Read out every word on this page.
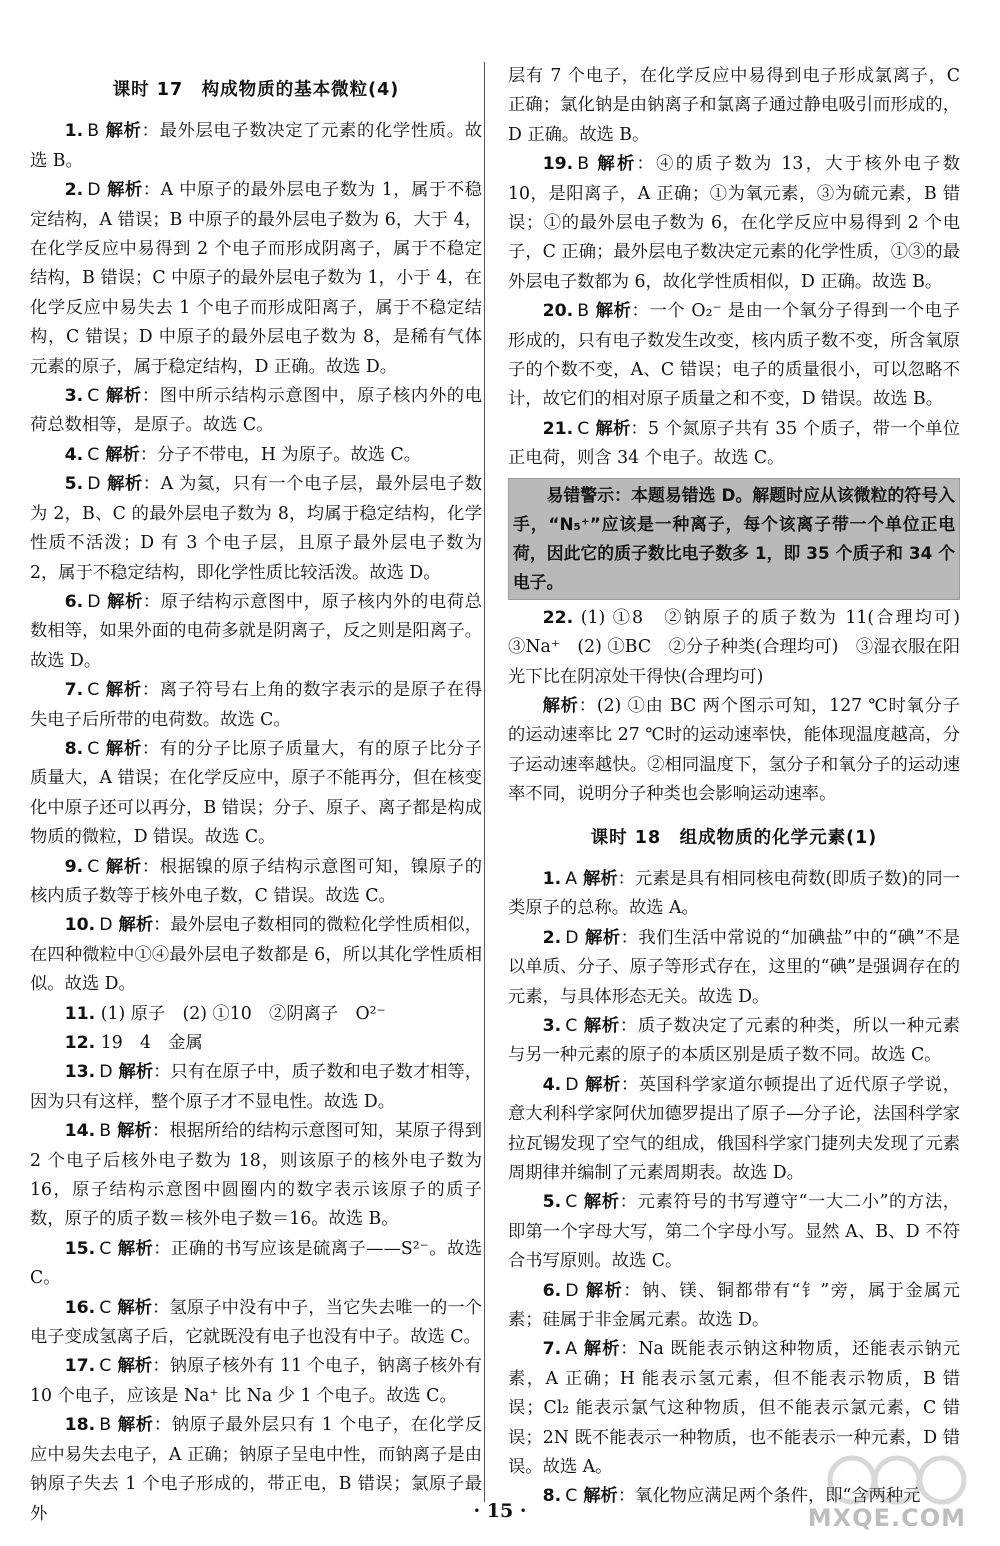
课时 17　构成物质的基本微粒(4)

1. B 解析：最外层电子数决定了元素的化学性质。故选 B。

2. D 解析：A 中原子的最外层电子数为 1，属于不稳定结构，A 错误；B 中原子的最外层电子数为 6，大于 4，在化学反应中易得到 2 个电子而形成阴离子，属于不稳定结构，B 错误；C 中原子的最外层电子数为 1，小于 4，在化学反应中易失去 1 个电子而形成阳离子，属于不稳定结构，C 错误；D 中原子的最外层电子数为 8，是稀有气体元素的原子，属于稳定结构，D 正确。故选 D。

3. C 解析：图中所示结构示意图中，原子核内外的电荷总数相等，是原子。故选 C。

4. C 解析：分子不带电，H 为原子。故选 C。

5. D 解析：A 为氦，只有一个电子层，最外层电子数为 2，B、C 的最外层电子数为 8，均属于稳定结构，化学性质不活泼；D 有 3 个电子层，且原子最外层电子数为 2，属于不稳定结构，即化学性质比较活泼。故选 D。

6. D 解析：原子结构示意图中，原子核内外的电荷总数相等，如果外面的电荷多就是阴离子，反之则是阳离子。故选 D。

7. C 解析：离子符号右上角的数字表示的是原子在得失电子后所带的电荷数。故选 C。

8. C 解析：有的分子比原子质量大，有的原子比分子质量大，A 错误；在化学反应中，原子不能再分，但在核变化中原子还可以再分，B 错误；分子、原子、离子都是构成物质的微粒，D 错误。故选 C。

9. C 解析：根据镍的原子结构示意图可知，镍原子的核内质子数等于核外电子数，C 错误。故选 C。

10. D 解析：最外层电子数相同的微粒化学性质相似，在四种微粒中①④最外层电子数都是 6，所以其化学性质相似。故选 D。

11. (1) 原子　(2) ①10　②阴离子　O²⁻

12. 19　4　金属

13. D 解析：只有在原子中，质子数和电子数才相等，因为只有这样，整个原子才不显电性。故选 D。

14. B 解析：根据所给的结构示意图可知，某原子得到 2 个电子后核外电子数为 18，则该原子的核外电子数为 16，原子结构示意图中圆圈内的数字表示该原子的质子数，原子的质子数＝核外电子数＝16。故选 B。

15. C 解析：正确的书写应该是硫离子——S²⁻。故选 C。

16. C 解析：氢原子中没有中子，当它失去唯一的一个电子变成氢离子后，它就既没有电子也没有中子。故选 C。

17. C 解析：钠原子核外有 11 个电子，钠离子核外有 10 个电子，应该是 Na⁺ 比 Na 少 1 个电子。故选 C。

18. B 解析：钠原子最外层只有 1 个电子，在化学反应中易失去电子，A 正确；钠原子呈电中性，而钠离子是由钠原子失去 1 个电子形成的，带正电，B 错误；氯原子最外

层有 7 个电子，在化学反应中易得到电子形成氯离子，C 正确；氯化钠是由钠离子和氯离子通过静电吸引而形成的，D 正确。故选 B。

19. B 解析：④的质子数为 13，大于核外电子数 10，是阳离子，A 正确；①为氧元素，③为硫元素，B 错误；①的最外层电子数为 6，在化学反应中易得到 2 个电子，C 正确；最外层电子数决定元素的化学性质，①③的最外层电子数都为 6，故化学性质相似，D 正确。故选 B。

20. B 解析：一个 O₂⁻ 是由一个氧分子得到一个电子形成的，只有电子数发生改变，核内质子数不变，所含氧原子的个数不变，A、C 错误；电子的质量很小，可以忽略不计，故它们的相对原子质量之和不变，D 错误。故选 B。

21. C 解析：5 个氮原子共有 35 个质子，带一个单位正电荷，则含 34 个电子。故选 C。

易错警示：本题易错选 D。解题时应从该微粒的符号入手，“N₅⁺”应该是一种离子，每个该离子带一个单位正电荷，因此它的质子数比电子数多 1，即 35 个质子和 34 个电子。

22. (1) ①8　②钠原子的质子数为 11(合理均可)　③Na⁺　(2) ①BC　②分子种类(合理均可)　③湿衣服在阳光下比在阴凉处干得快(合理均可)

解析：(2) ①由 BC 两个图示可知，127 ℃时氧分子的运动速率比 27 ℃时的运动速率快，能体现温度越高，分子运动速率越快。②相同温度下，氢分子和氧分子的运动速率不同，说明分子种类也会影响运动速率。

课时 18　组成物质的化学元素(1)

1. A 解析：元素是具有相同核电荷数(即质子数)的同一类原子的总称。故选 A。

2. D 解析：我们生活中常说的“加碘盐”中的“碘”不是以单质、分子、原子等形式存在，这里的“碘”是强调存在的元素，与具体形态无关。故选 D。

3. C 解析：质子数决定了元素的种类，所以一种元素与另一种元素的原子的本质区别是质子数不同。故选 C。

4. D 解析：英国科学家道尔顿提出了近代原子学说，意大利科学家阿伏加德罗提出了原子—分子论，法国科学家拉瓦锡发现了空气的组成，俄国科学家门捷列夫发现了元素周期律并编制了元素周期表。故选 D。

5. C 解析：元素符号的书写遵守“一大二小”的方法，即第一个字母大写，第二个字母小写。显然 A、B、D 不符合书写原则。故选 C。

6. D 解析：钠、镁、铜都带有“钅”旁，属于金属元素；硅属于非金属元素。故选 D。

7. A 解析：Na 既能表示钠这种物质，还能表示钠元素，A 正确；H 能表示氢元素，但不能表示物质，B 错误；Cl₂ 能表示氯气这种物质，但不能表示氯元素，C 错误；2N 既不能表示一种物质，也不能表示一种元素，D 错误。故选 A。

8. C 解析：氧化物应满足两个条件，即“含两种元

· 15 ·	MXQE.COM
